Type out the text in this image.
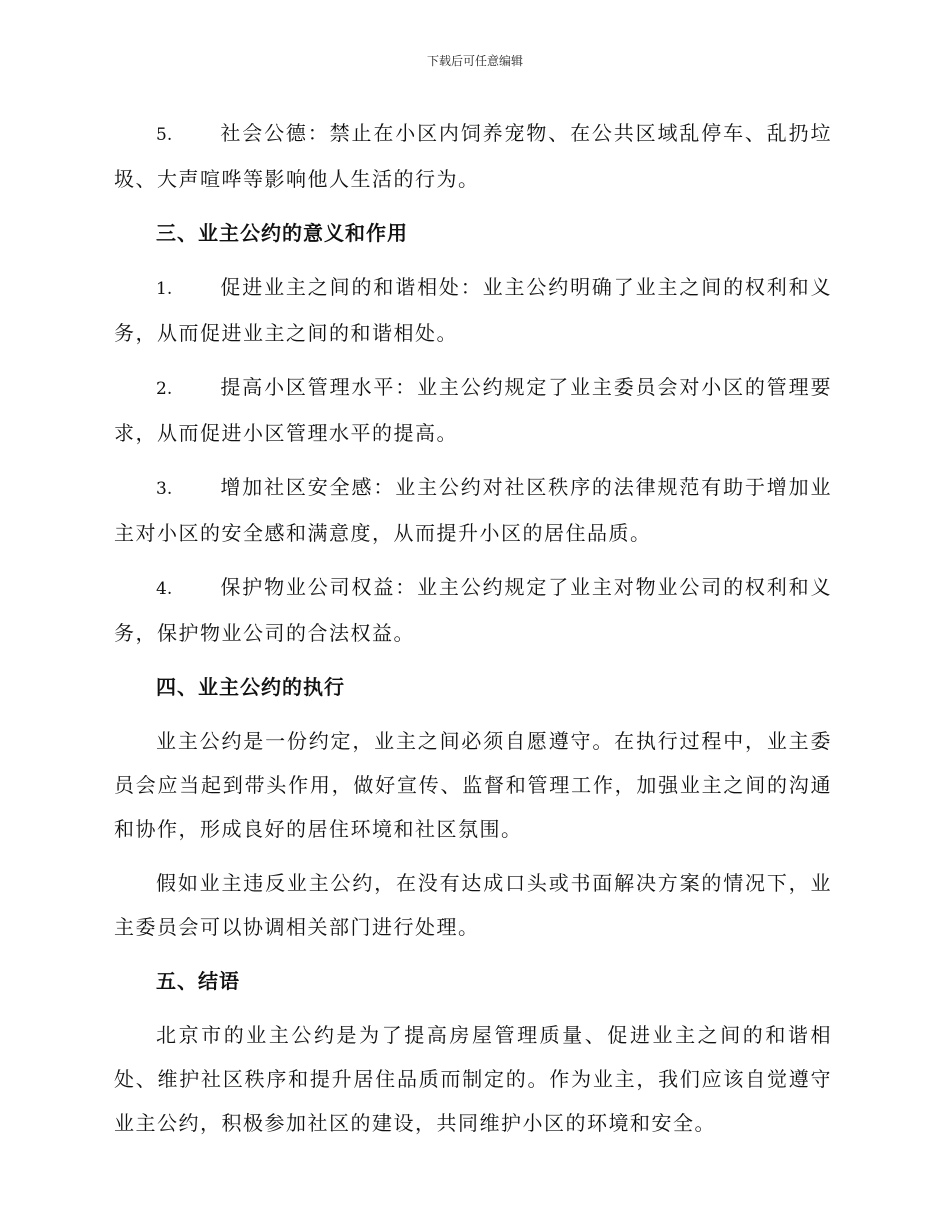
下载后可任意编辑

5. 社会公德：禁止在小区内饲养宠物、在公共区域乱停车、乱扔垃圾、大声喧哗等影响他人生活的行为。

三、业主公约的意义和作用

1. 促进业主之间的和谐相处：业主公约明确了业主之间的权利和义务，从而促进业主之间的和谐相处。

2. 提高小区管理水平：业主公约规定了业主委员会对小区的管理要求，从而促进小区管理水平的提高。

3. 增加社区安全感：业主公约对社区秩序的法律规范有助于增加业主对小区的安全感和满意度，从而提升小区的居住品质。

4. 保护物业公司权益：业主公约规定了业主对物业公司的权利和义务，保护物业公司的合法权益。

四、业主公约的执行

业主公约是一份约定，业主之间必须自愿遵守。在执行过程中，业主委员会应当起到带头作用，做好宣传、监督和管理工作，加强业主之间的沟通和协作，形成良好的居住环境和社区氛围。

假如业主违反业主公约，在没有达成口头或书面解决方案的情况下，业主委员会可以协调相关部门进行处理。

五、结语

北京市的业主公约是为了提高房屋管理质量、促进业主之间的和谐相处、维护社区秩序和提升居住品质而制定的。作为业主，我们应该自觉遵守业主公约，积极参加社区的建设，共同维护小区的环境和安全。
